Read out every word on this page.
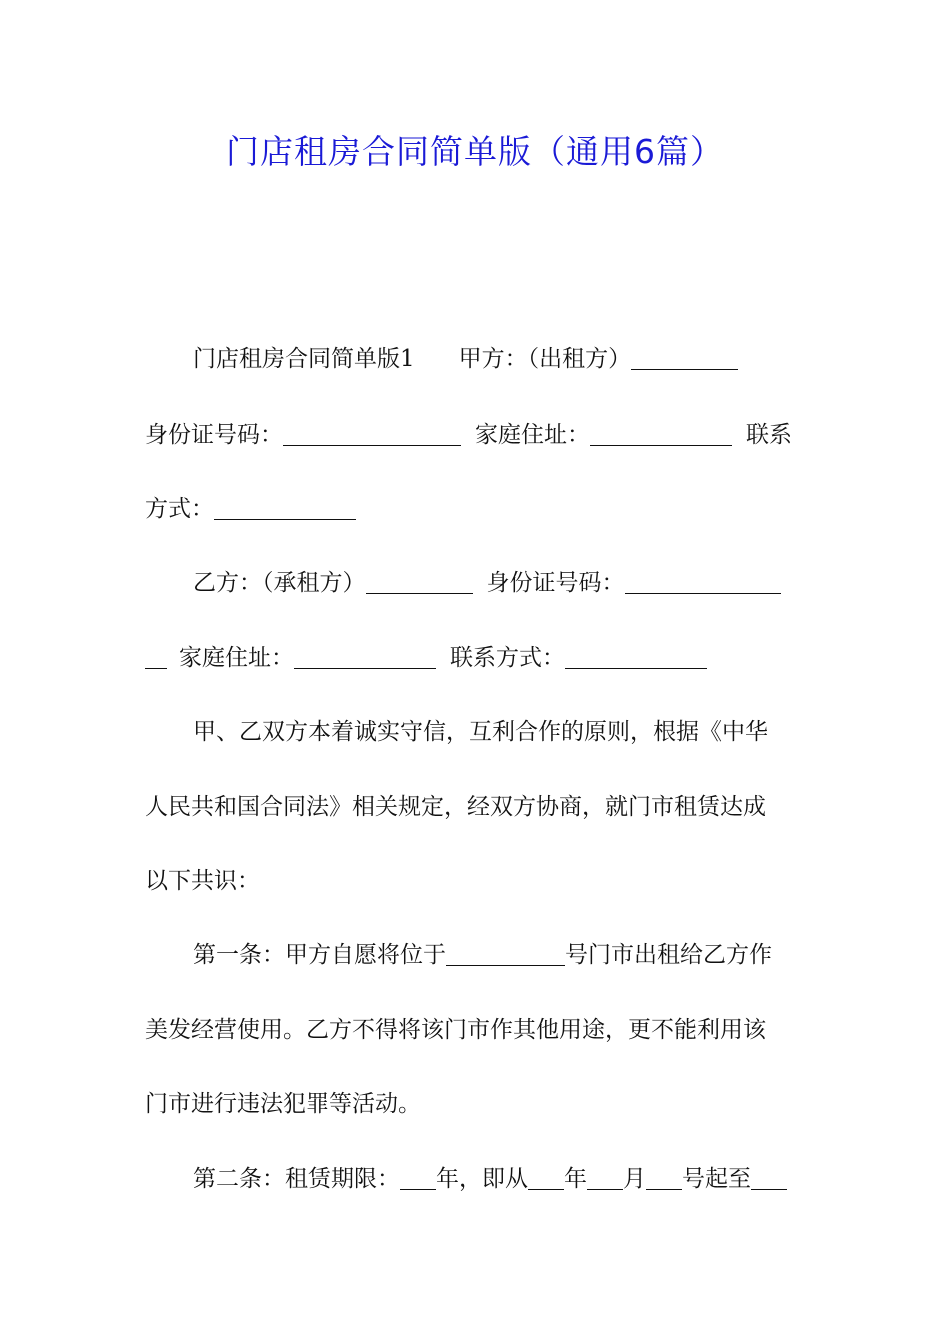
门店租房合同简单版（通用6篇）
门店租房合同简单版1 甲方：（出租方）
身份证号码：	家庭住址：	联系
方式：
乙方：（承租方）	身份证号码：
家庭住址：	联系方式：
甲、乙双方本着诚实守信，互利合作的原则，根据《中华
人民共和国合同法》相关规定，经双方协商，就门市租赁达成
以下共识：
第一条：甲方自愿将位于	号门市出租给乙方作
美发经营使用。乙方不得将该门市作其他用途，更不能利用该
门市进行违法犯罪等活动。
第二条：租赁期限： 年，即从 年 月 号起至
